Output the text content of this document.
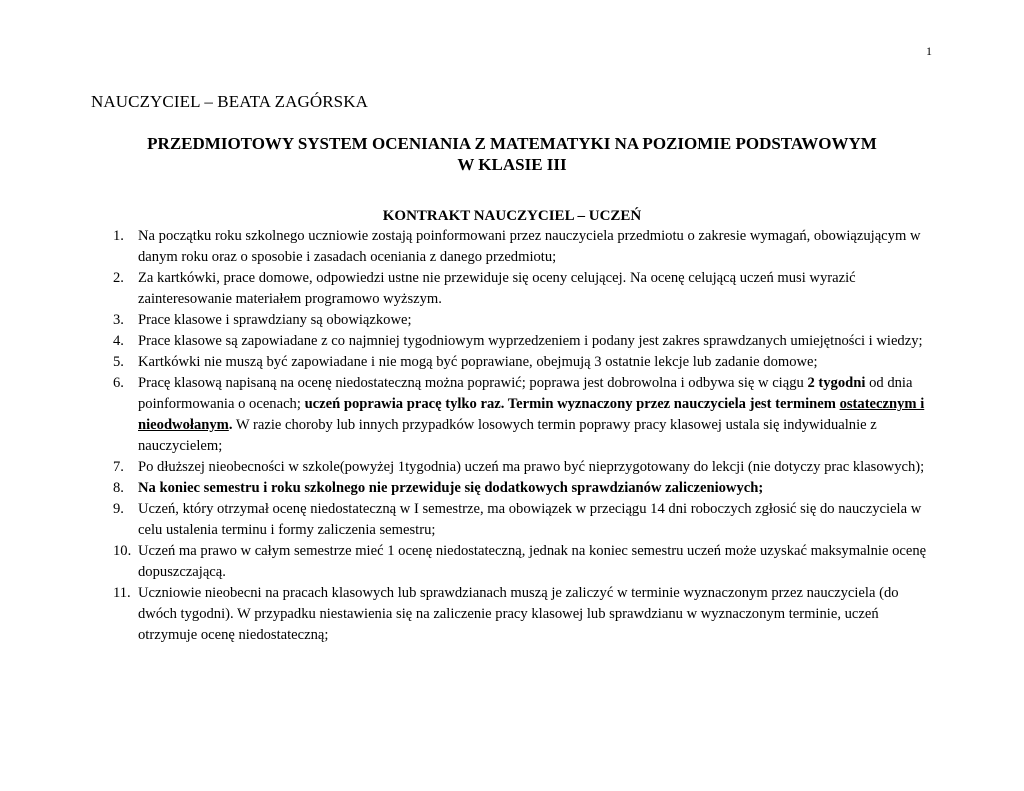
1
NAUCZYCIEL – BEATA ZAGÓRSKA
PRZEDMIOTOWY SYSTEM OCENIANIA Z MATEMATYKI NA POZIOMIE PODSTAWOWYM
W KLASIE III
KONTRAKT NAUCZYCIEL – UCZEŃ
1. Na początku roku szkolnego uczniowie zostają poinformowani przez nauczyciela przedmiotu o zakresie wymagań, obowiązującym w danym roku oraz o sposobie i zasadach oceniania z danego przedmiotu;
2. Za kartkówki, prace domowe, odpowiedzi ustne nie przewiduje się oceny celującej. Na ocenę celującą uczeń musi wyrazić zainteresowanie materiałem programowo wyższym.
3. Prace klasowe i sprawdziany są obowiązkowe;
4. Prace klasowe są zapowiadane z co najmniej tygodniowym wyprzedzeniem i podany jest zakres sprawdzanych umiejętności i wiedzy;
5. Kartkówki nie muszą być zapowiadane i nie mogą być poprawiane, obejmują 3 ostatnie lekcje lub zadanie domowe;
6. Pracę klasową napisaną na ocenę niedostateczną można poprawić; poprawa jest dobrowolna i odbywa się w ciągu 2 tygodni od dnia poinformowania o ocenach; uczeń poprawia pracę tylko raz. Termin wyznaczony przez nauczyciela jest terminem ostatecznym i nieodwołanym. W razie choroby lub innych przypadków losowych termin poprawy pracy klasowej ustala się indywidualnie z nauczycielem;
7. Po dłuższej nieobecności w szkole(powyżej 1tygodnia) uczeń ma prawo być nieprzygotowany do lekcji (nie dotyczy prac klasowych);
8. Na koniec semestru i roku szkolnego nie przewiduje się dodatkowych sprawdzianów zaliczeniowych;
9. Uczeń, który otrzymał ocenę niedostateczną w I semestrze, ma obowiązek w przeciągu 14 dni roboczych zgłosić się do nauczyciela w celu ustalenia terminu i formy zaliczenia semestru;
10. Uczeń ma prawo w całym semestrze mieć 1 ocenę niedostateczną, jednak na koniec semestru uczeń może uzyskać maksymalnie ocenę dopuszczającą.
11. Uczniowie nieobecni na pracach klasowych lub sprawdzianach muszą je zaliczyć w terminie wyznaczonym przez nauczyciela (do dwóch tygodni). W przypadku niestawienia się na zaliczenie pracy klasowej lub sprawdzianu w wyznaczonym terminie, uczeń otrzymuje ocenę niedostateczną;
